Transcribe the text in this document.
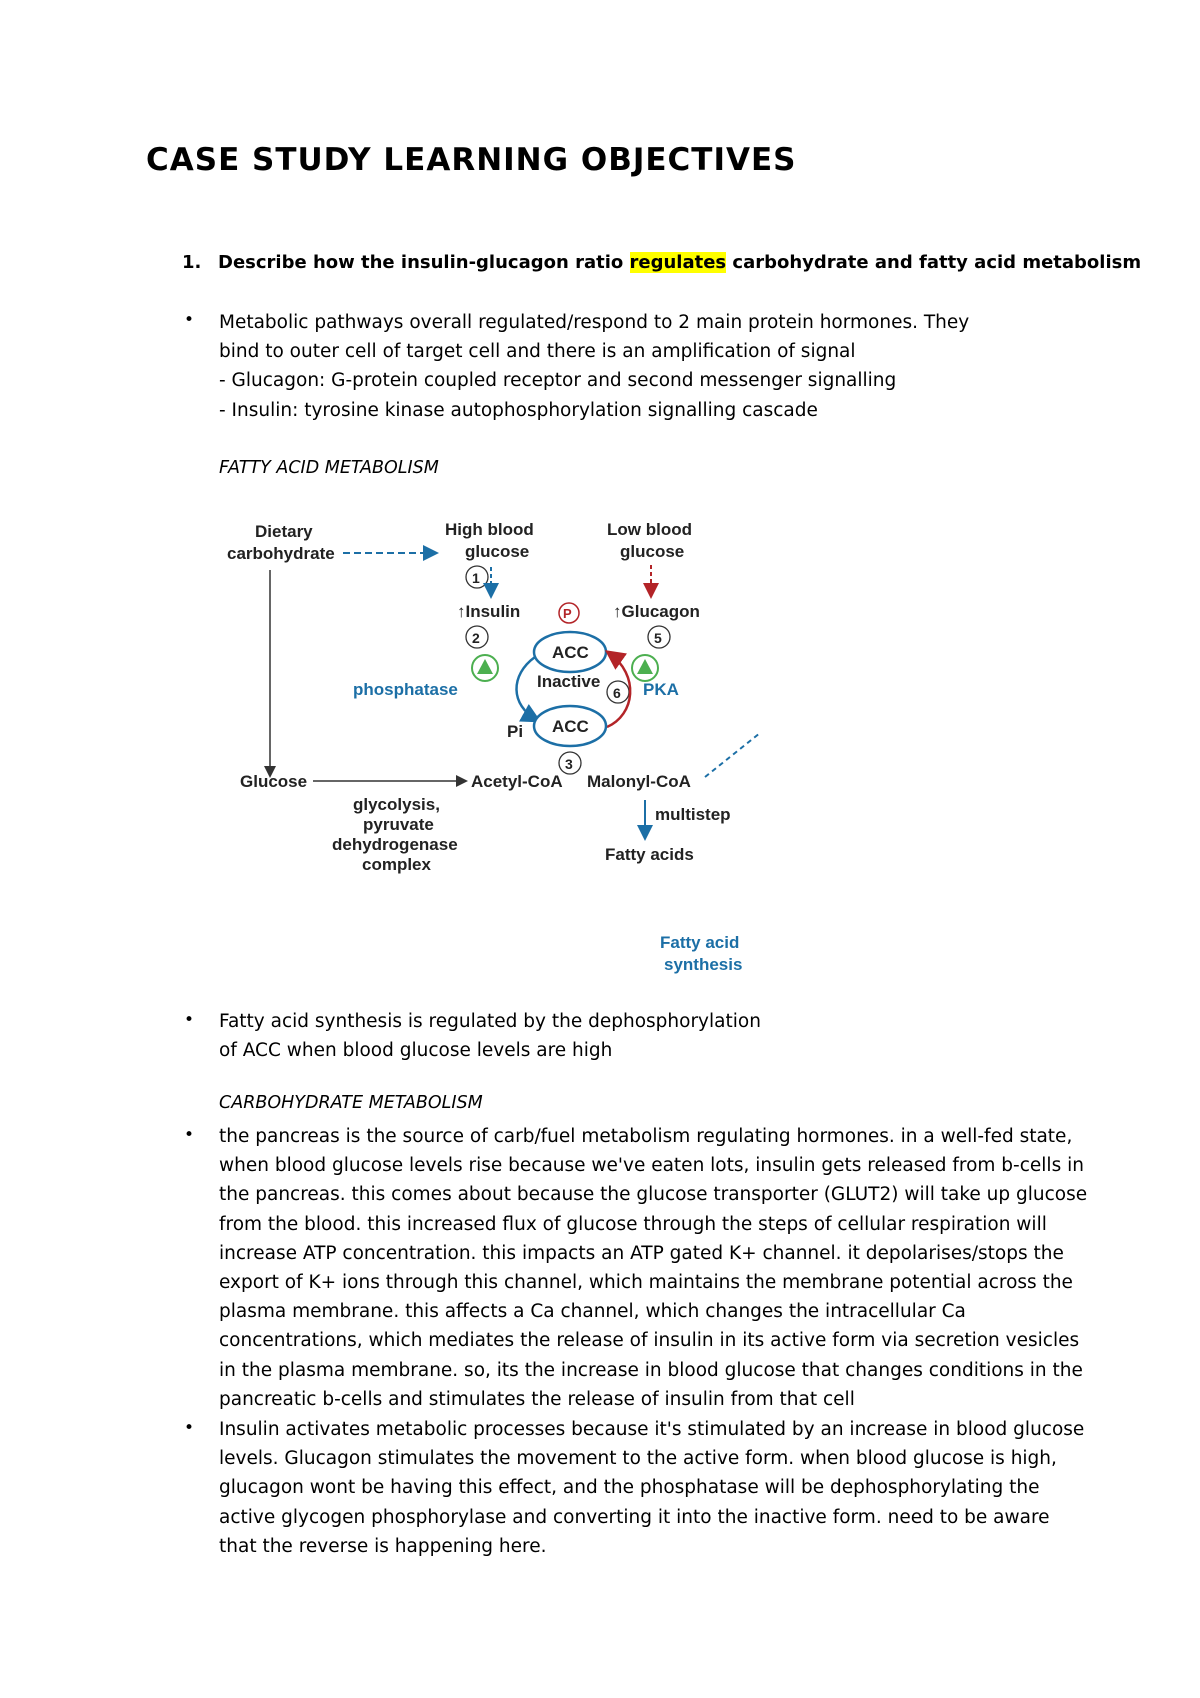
CASE STUDY LEARNING OBJECTIVES
1. Describe how the insulin-glucagon ratio regulates carbohydrate and fatty acid metabolism
• Metabolic pathways overall regulated/respond to 2 main protein hormones. They
bind to outer cell of target cell and there is an amplification of signal
- Glucagon: G-protein coupled receptor and second messenger signalling
- Insulin: tyrosine kinase autophosphorylation signalling cascade
FATTY ACID METABOLISM
Dietary
carbohydrate
High blood
glucose
Low blood
glucose
1
↑Insulin	↑Glucagon
P
2	5
ACC
Inactive
phosphatase	PKA
6
Pi ACC
3
Glucose	Acetyl-CoA Malonyl-CoA
glycolysis,
pyruvate
dehydrogenase
complex
multistep
Fatty acids
Fatty acid
synthesis
• Fatty acid synthesis is regulated by the dephosphorylation
of ACC when blood glucose levels are high
CARBOHYDRATE METABOLISM
• the pancreas is the source of carb/fuel metabolism regulating hormones. in a well-fed state,
when blood glucose levels rise because we've eaten lots, insulin gets released from b-cells in
the pancreas. this comes about because the glucose transporter (GLUT2) will take up glucose
from the blood. this increased flux of glucose through the steps of cellular respiration will
increase ATP concentration. this impacts an ATP gated K+ channel. it depolarises/stops the
export of K+ ions through this channel, which maintains the membrane potential across the
plasma membrane. this affects a Ca channel, which changes the intracellular Ca
concentrations, which mediates the release of insulin in its active form via secretion vesicles
in the plasma membrane. so, its the increase in blood glucose that changes conditions in the
pancreatic b-cells and stimulates the release of insulin from that cell
• Insulin activates metabolic processes because it's stimulated by an increase in blood glucose
levels. Glucagon stimulates the movement to the active form. when blood glucose is high,
glucagon wont be having this effect, and the phosphatase will be dephosphorylating the
active glycogen phosphorylase and converting it into the inactive form. need to be aware
that the reverse is happening here.
